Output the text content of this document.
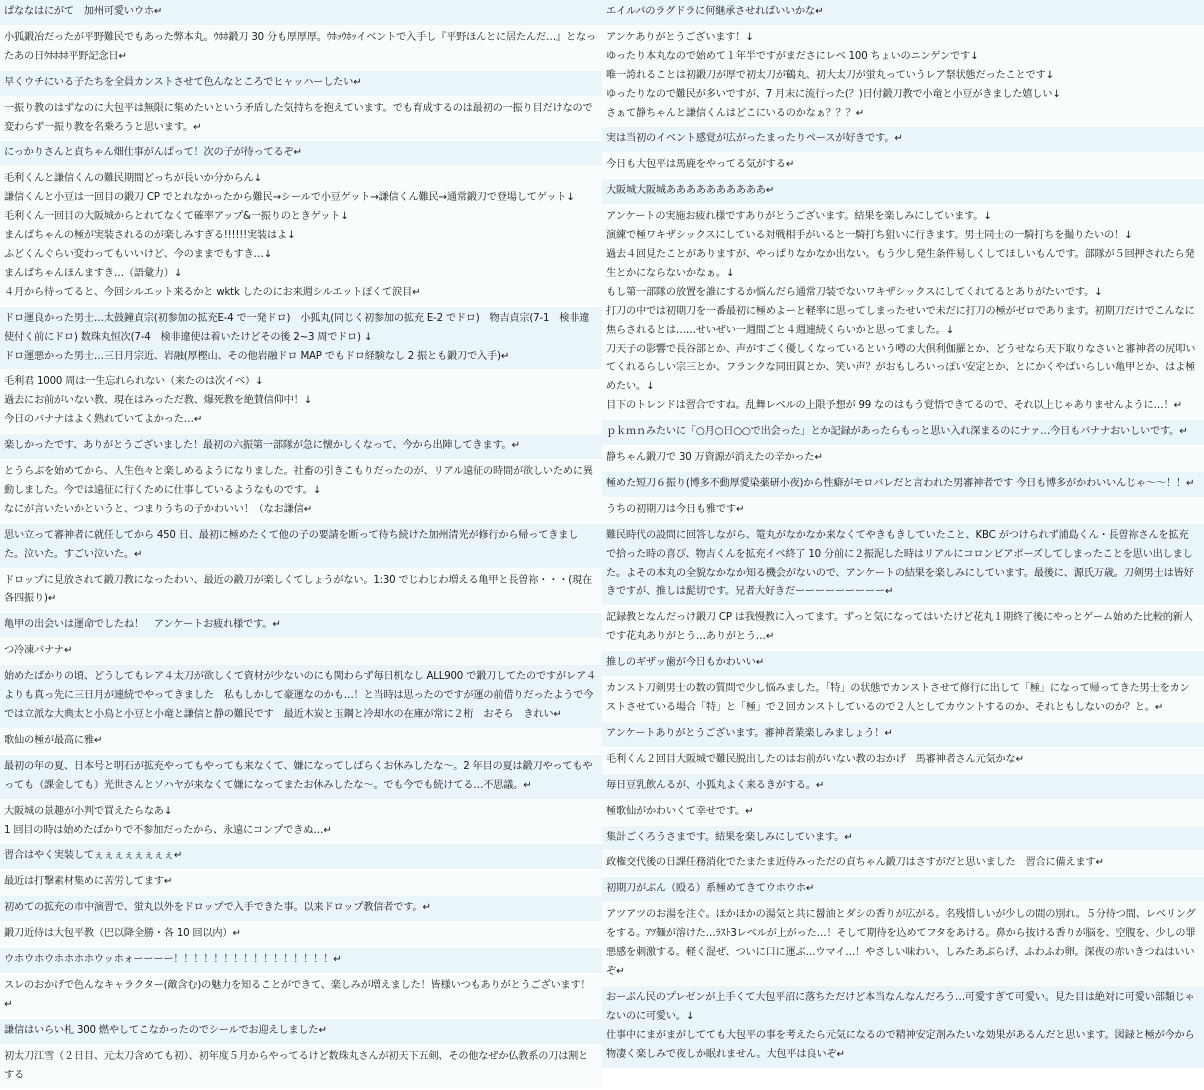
ぱななはにがて　加州可愛いウホ↵
小狐鍛冶だったが平野難民でもあった弊本丸。ｳﾎﾎ鍛刀 30 分も厚厚厚。ｳﾎｯｳﾎｯイベントで入手し『平野ほんとに居たんだ…』となったあの日ｳﾎﾎﾎﾎ平野記念日↵
早くウチにいる子たちを全員カンストさせて色んなところでヒャッハーしたい↵
一振り教のはずなのに大包平は無限に集めたいという矛盾した気持ちを抱えています。でも育成するのは最初の一振り目だけなので変わらず一振り教を名乗ろうと思います。↵
にっかりさんと貞ちゃん畑仕事がんばって！次の子が待ってるぞ↵
毛利くんと謙信くんの難民期間どっちが長いか分からん↓
謙信くんと小豆は一回目の鍛刀 CP でとれなかったから難民→シールで小豆ゲット→謙信くん難民→通常鍛刀で登場してゲット↓
毛利くん一回目の大阪城からとれてなくて確率アップ&一振りのときゲット↓
まんばちゃんの極が実装されるのが楽しみすぎる!!!!!!実装はよ↓
ふどくんぐらい変わってもいいけど、今のままでもすき…↓
まんばちゃんほんますき…（語彙力）↓
４月から待ってると、今回シルエット来るかと wktk したのにお来週シルエットぽくて涙目↵
ドロ運良かった男士…太鼓鐘貞宗(初参加の拡充E-4 で一発ドロ)　小狐丸(同じく初参加の拡充 E-2 でドロ)　物吉貞宗(7-1　検非違使付く前にドロ) 数珠丸恒次(7-4　検非違使は着いたけどその後 2~3 周でドロ) ↓
ドロ運悪かった男士…三日月宗近、岩融(厚樫山、その他岩融ドロ MAP でもドロ経験なし 2 振とも鍛刀で入手)↵
毛利君 1000 周は一生忘れられない（来たのは次イベ）↓
過去にお前がいない教、現在はみっただ教、爆死教を絶賛信仰中！↓
今日のバナナはよく熟れていてよかった…↵
楽しかったです、ありがとうございました！最初の六振第一部隊が急に懐かしくなって、今から出陣してきます。↵
とうらぶを始めてから、人生色々と楽しめるようになりました。社畜の引きこもりだったのが、リアル遠征の時間が欲しいために異動しました。今では遠征に行くために仕事しているようなものです。↓
なにが言いたいかというと、つまりうちの子かわいい！（なお謙信↵
思い立って審神者に就任してから 450 日、最初に極めたくて他の子の要請を断って待ち続けた加州清光が修行から帰ってきました。泣いた。すごい泣いた。↵
ドロップに見放されて鍛刀教になったわい、最近の鍛刀が楽しくてしょうがない。1:30 でじわじわ増える亀甲と長曽祢・・・(現在各四振り)↵
亀甲の出会いは運命でしたね！　アンケートお疲れ様です。↵
つ冷凍バナナ↵
始めたばかりの頃、どうしてもレア４太刀が欲しくて資材が少ないのにも関わらず毎日机なし ALL900 で鍛刀してたのですがレア４よりも真っ先に三日月が連続でやってきました　私もしかして豪運なのかも…！と当時は思ったのですが運の前借りだったようで今では立派な大典太と小鳥と小豆と小竜と謙信と静の難民です　最近木炭と玉鋼と冷却水の在庫が常に２桁　おそら　きれい↵
歌仙の極が最高に雅↵
最初の年の夏、日本号と明石が拡充やってもやっても来なくて、嫌になってしばらくお休みしたな〜。2 年目の夏は鍛刀やってもやっても（課金しても）光世さんとソハヤが来なくて嫌になってまたお休みしたな〜。でも今でも続けてる…不思議。↵
大阪城の景趣が小判で買えたらなあ↓
1 回目の時は始めたばかりで不参加だったから、永遠にコンプできぬ…↵
習合はやく実装してぇぇぇぇぇぇぇぇ↵
最近は打撃素材集めに苦労してます↵
初めての拡充の市中演習で、蛍丸以外をドロップで入手できた事。以来ドロップ教信者です。↵
鍛刀近侍は大包平教（巴以降全勝・各 10 回以内）↵
ウホウホウホホホホウッホォーーーー！！！！！！！！！！！！！！！！↵
スレのおかげで色んなキャラクター(敵含む)の魅力を知ることができて、楽しみが増えました！皆様いつもありがとうございます！↵
謙信はいらい札 300 燃やしてこなかったのでシールでお迎えしました↵
初太刀江雪（２日目、元太刀含めても初）、初年度５月からやってるけど数珠丸さんが初天下五剣、その他なぜか仏教系の刀は割とする
エイルパのラグドラに何継承させればいいかな↵
アンケありがとうございます！↓
ゆったり本丸なので始めて１年半ですがまださにレベ 100 ちょいのニンゲンです↓
唯一誇れることは初鍛刀が厚で初太刀が鶴丸、初大太刀が蛍丸っていうレア祭状態だったことです↓
ゆったりなので難民が多いですが、7 月末に流行った(？)日付鍛刀教で小竜と小豆がきました嬉しい↓
さぁて静ちゃんと謙信くんはどこにいるのかなぁ？？？↵
実は当初のイベント感覚が広がったまったりペースが好きです。↵
今日も大包平は馬鹿をやってる気がする↵
大阪城大阪城ああああああああああ↵
アンケートの実施お疲れ様ですありがとうございます。結果を楽しみにしています。↓
演練で極ワキザシックスにしている対戦相手がいると一騎打ち狙いに行きます。男士同士の一騎打ちを撮りたいの！↓
過去４回見たことがありますが、やっぱりなかなか出ない。もう少し発生条件易しくしてほしいもんです。部隊が５回押されたら発生とかにならないかなぁ。↓
もし第一部隊の放置を誰にするか悩んだら通常刀装でないワキザシックスにしてくれてるとありがたいです。↓
打刀の中では初期刀を一番最初に極めよーと軽率に思ってしまったせいで未だに打刀の極がゼロであります。初期刀だけでこんなに焦らされるとは……せいぜい一週間ごと４週連続くらいかと思ってました。↓
刀天子の影響で長谷部とか、声がすごく優しくなっているという噂の大倶利伽羅とか、どうせなら天下取りなさいと審神者の尻叩いてくれるらしい宗三とか、フランクな同田貫とか、笑い声？がおもしろいっぽい安定とか、とにかくやばいらしい亀甲とか、はよ極めたい。↓
目下のトレンドは習合ですね。乱舞レベルの上限予想が 99 なのはもう覚悟できてるので、それ以上じゃありませんように…！↵
ｐｋｍｎみたいに「○月○日○○で出会った」とか記録があったらもっと思い入れ深まるのにナァ…今日もバナナおいしいです。↵
静ちゃん鍛刀で 30 万資源が消えたの辛かった↵
極めた短刀６振り(博多不動厚愛染薬研小夜)から性癖がモロバレだと言われた男審神者です 今日も博多がかわいいんじゃ〜〜！！↵
うちの初期刀は今日も雅です↵
難民時代の設問に回答しながら、篭丸がなかなか来なくてやきもきしていたこと、KBC がつけられず浦島くん・長曽祢さんを拡充で拾った時の喜び、物吉くんを拡充イベ終了 10 分前に２振泥した時はリアルにコロンビアポーズしてしまったことを思い出しました。よその本丸の全貌なかなか知る機会がないので、アンケートの結果を楽しみにしています。最後に、源氏万歳。刀剣男士は皆好きですが、推しは髭切です。兄者大好きだーーーーーーーーー↵
記録教となんだっけ鍛刀 CP は我慢教に入ってます。ずっと気になってはいたけど花丸１期終了後にやっとゲーム始めた比較的新人です花丸ありがとう…ありがとう…↵
推しのギザッ歯が今日もかわいい↵
カンスト刀剣男士の数の質問で少し悩みました。「特」の状態でカンストさせて修行に出して「極」になって帰ってきた男士をカンストさせている場合「特」と「極」で２回カンストしているので２人としてカウントするのか、それともしないのか？と。↵
アンケートありがとうございます。審神者業楽しみましょう！↵
毛利くん２回目大阪城で難民脱出したのはお前がいない教のおかげ　馬審神者さん元気かな↵
毎日豆乳飲んるが、小狐丸よく来るきがする。↵
極歌仙がかわいくて幸せです。↵
集計ごくろうさまです。結果を楽しみにしています。↵
政権交代後の日課任務消化でたまたま近侍みっただの貞ちゃん鍛刀はさすがだと思いました　習合に備えます↵
初期刀がぶん（殴る）系極めてきてウホウホ↵
アツアツのお湯を注ぐ。ほかほかの湯気と共に醤油とダシの香りが広がる。名残惜しいが少しの間の別れ。５分待つ間、レベリングをする。ｱﾂ麺が溶けた…ﾗｽﾄ3レベルが上がった…！そして期待を込めてフタをあける。鼻から抜ける香りが脳を、空腹を、少しの罪悪感を刺激する。軽く混ぜ、ついに口に運ぶ…ウマイ…！やさしい味わい、しみたあぶらげ、ふわふわ卵。深夜の赤いきつねはいいぞ↵
おーぷん民のプレゼンが上手くて大包平沼に落ちただけど本当なんなんだろう…可愛すぎて可愛い。見た目は絶対に可愛い部類じゃないのに可愛い。↓
仕事中にまがまがしてても大包平の事を考えたら元気になるので精神安定剤みたいな効果があるんだと思います。図録と極が今から物凄く楽しみで夜しか眠れません。大包平は良いぞ↵
